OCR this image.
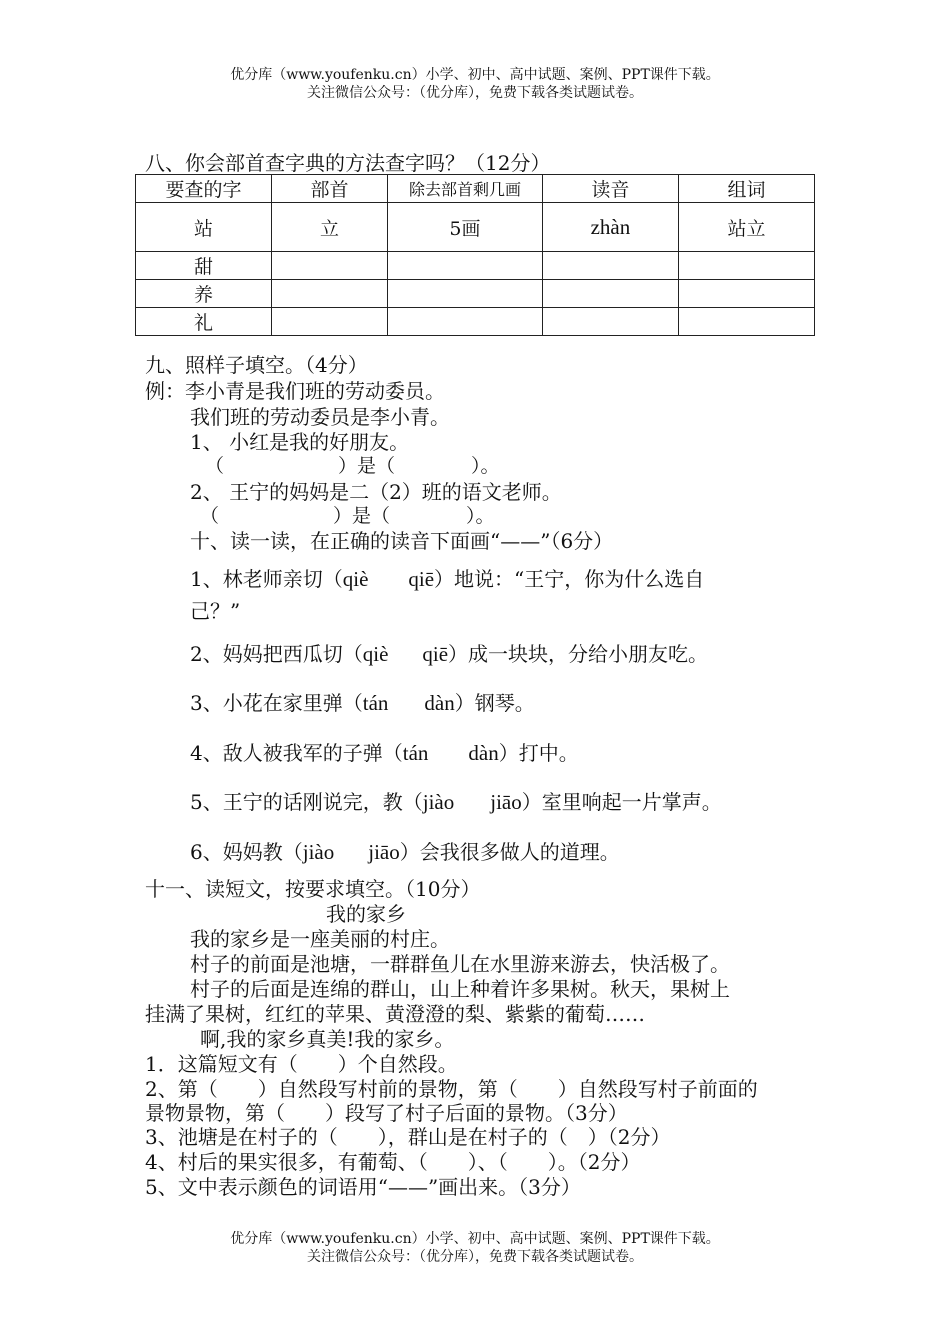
优分库（www.youfenku.cn）小学、初中、高中试题、案例、PPT课件下载。
关注微信公众号：（优分库），免费下载各类试题试卷。
八、你会部首查字典的方法查字吗？（12分）
要查的字	部首	除去部首剩几画	读音	组词
站	立	5画	zhàn	站立
甜				
养				
礼				
九、照样子填空。（4分）
例：李小青是我们班的劳动委员。
我们班的劳动委员是李小青。
1、 小红是我的好朋友。
（　　　　　　）是（　　　　）。
2、 王宁的妈妈是二（2）班的语文老师。
（　　　　　　）是（　　　　）。
十、读一读，在正确的读音下面画“——”（6分）
1、林老师亲切（qiè qiē）地说：“王宁，你为什么选自
己？”
2、妈妈把西瓜切（qiè qiē）成一块块，分给小朋友吃。
3、小花在家里弹（tán dàn）钢琴。
4、敌人被我军的子弹（tán dàn）打中。
5、王宁的话刚说完，教（jiào jiāo）室里响起一片掌声。
6、妈妈教（jiào jiāo）会我很多做人的道理。
十一、读短文，按要求填空。（10分）
我的家乡
我的家乡是一座美丽的村庄。
村子的前面是池塘，一群群鱼儿在水里游来游去，快活极了。
村子的后面是连绵的群山，山上种着许多果树。秋天，果树上
挂满了果树，红红的苹果、黄澄澄的梨、紫紫的葡萄……
啊,我的家乡真美!我的家乡。
1．这篇短文有（　　）个自然段。
2、第（　　）自然段写村前的景物，第（　　）自然段写村子前面的
景物景物，第（　　）段写了村子后面的景物。（3分）
3、池塘是在村子的（　　），群山是在村子的（　）（2分）
4、村后的果实很多，有葡萄、（　　）、（　　）。（2分）
5、文中表示颜色的词语用“——”画出来。（3分）
优分库（www.youfenku.cn）小学、初中、高中试题、案例、PPT课件下载。
关注微信公众号：（优分库），免费下载各类试题试卷。
